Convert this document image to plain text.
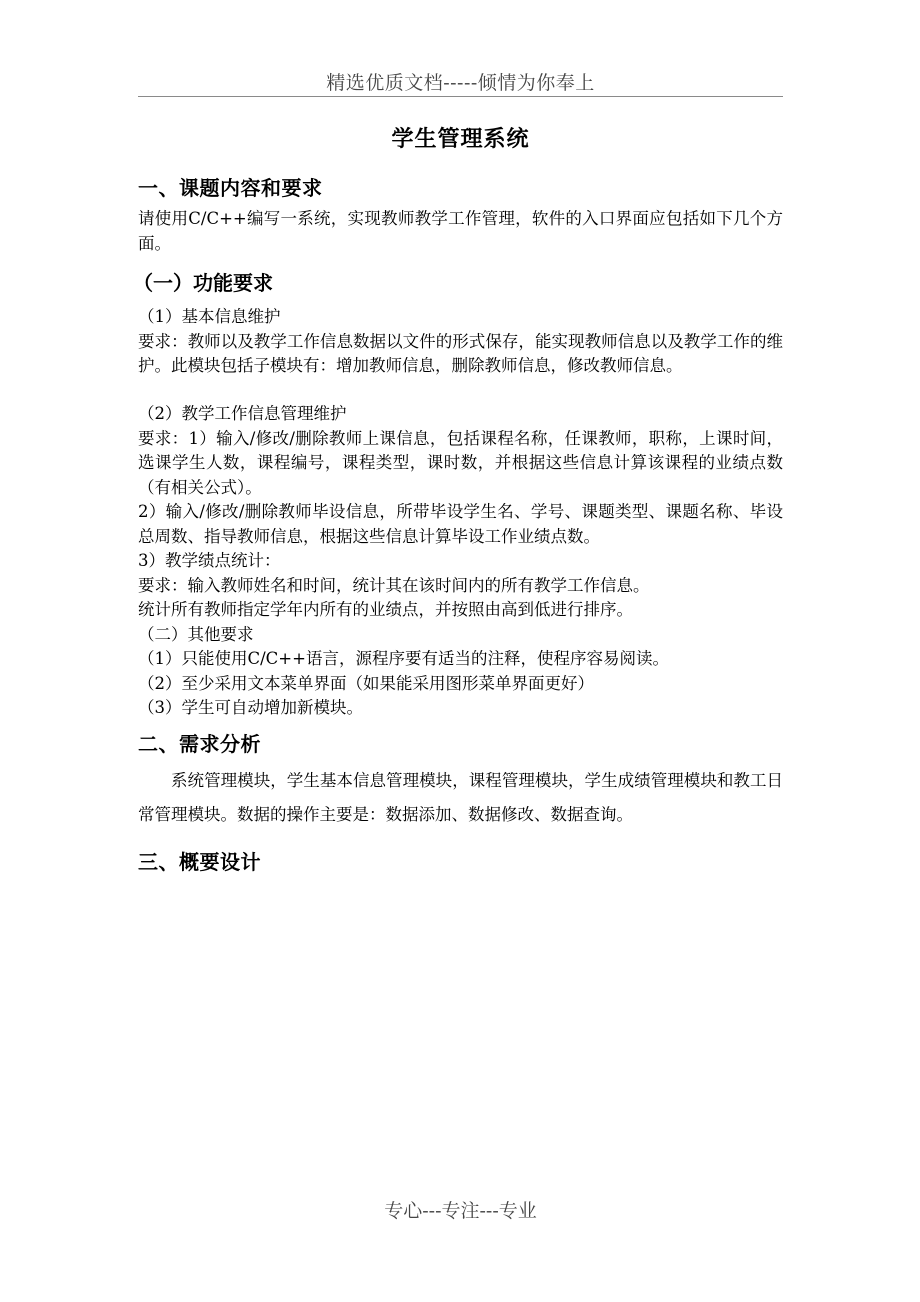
精选优质文档-----倾情为你奉上
学生管理系统
一、课题内容和要求
请使用C/C++编写一系统，实现教师教学工作管理，软件的入口界面应包括如下几个方面。
（一）功能要求
（1）基本信息维护
要求：教师以及教学工作信息数据以文件的形式保存，能实现教师信息以及教学工作的维护。此模块包括子模块有：增加教师信息，删除教师信息，修改教师信息。
（2）教学工作信息管理维护
要求：1）输入/修改/删除教师上课信息，包括课程名称，任课教师，职称，上课时间，选课学生人数，课程编号，课程类型，课时数，并根据这些信息计算该课程的业绩点数（有相关公式）。
2）输入/修改/删除教师毕设信息，所带毕设学生名、学号、课题类型、课题名称、毕设总周数、指导教师信息，根据这些信息计算毕设工作业绩点数。
3）教学绩点统计：
要求：输入教师姓名和时间，统计其在该时间内的所有教学工作信息。
统计所有教师指定学年内所有的业绩点，并按照由高到低进行排序。
（二）其他要求
（1）只能使用C/C++语言，源程序要有适当的注释，使程序容易阅读。
（2）至少采用文本菜单界面（如果能采用图形菜单界面更好）
（3）学生可自动增加新模块。
二、需求分析
系统管理模块，学生基本信息管理模块，课程管理模块，学生成绩管理模块和教工日常管理模块。数据的操作主要是：数据添加、数据修改、数据查询。
三、概要设计
专心---专注---专业
